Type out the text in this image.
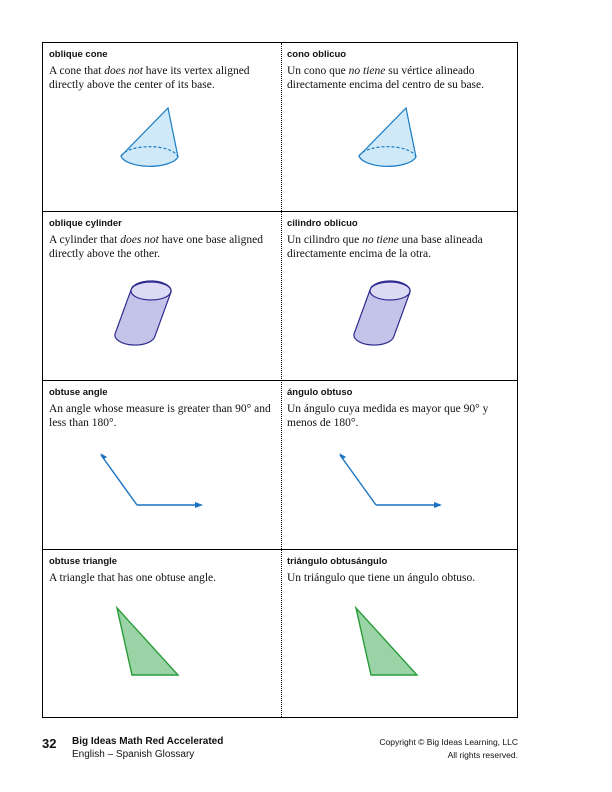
oblique cone

A cone that does not have its vertex aligned directly above the center of its base.

cono oblicuo

Un cono que no tiene su vértice alineado directamente encima del centro de su base.

oblique cylinder

A cylinder that does not have one base aligned directly above the other.

cilindro oblicuo

Un cilindro que no tiene una base alineada directamente encima de la otra.

obtuse angle

An angle whose measure is greater than 90° and less than 180°.

ángulo obtuso

Un ángulo cuya medida es mayor que 90° y menos de 180°.

obtuse triangle

A triangle that has one obtuse angle.

triángulo obtusángulo

Un triángulo que tiene un ángulo obtuso.

32 Big Ideas Math Red Accelerated
English – Spanish Glossary
Copyright © Big Ideas Learning, LLC
All rights reserved.
